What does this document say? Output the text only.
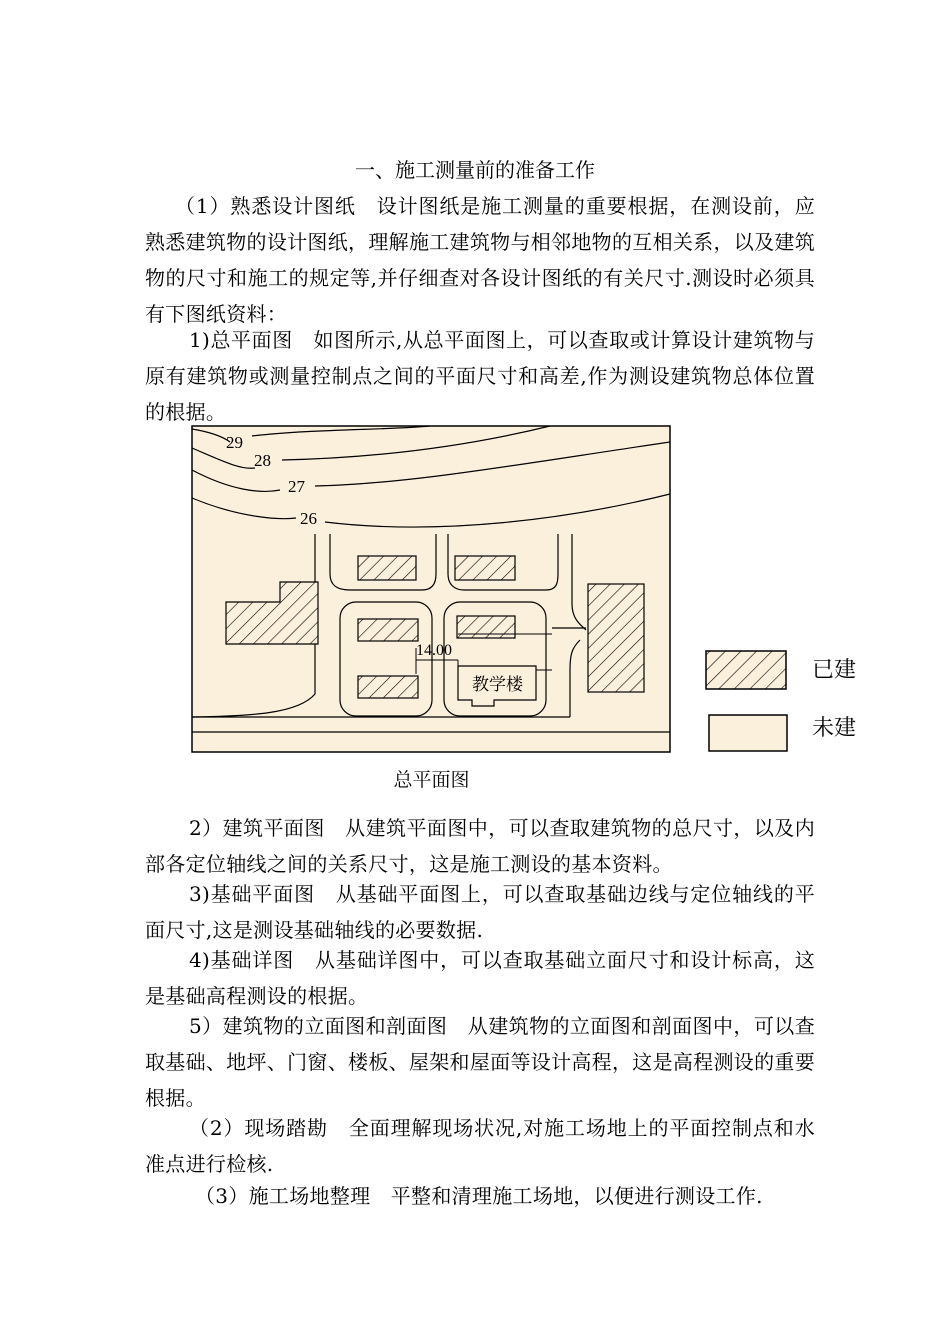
一、施工测量前的准备工作
（1）熟悉设计图纸　设计图纸是施工测量的重要根据，在测设前，应熟悉建筑物的设计图纸，理解施工建筑物与相邻地物的互相关系，以及建筑物的尺寸和施工的规定等,并仔细查对各设计图纸的有关尺寸.测设时必须具有下图纸资料：
1)总平面图　如图所示,从总平面图上，可以查取或计算设计建筑物与原有建筑物或测量控制点之间的平面尺寸和高差,作为测设建筑物总体位置的根据。
29
28
27
26
教学楼
14.00
已建
未建
总平面图
2）建筑平面图　从建筑平面图中，可以查取建筑物的总尺寸，以及内部各定位轴线之间的关系尺寸，这是施工测设的基本资料。
3)基础平面图　从基础平面图上，可以查取基础边线与定位轴线的平面尺寸,这是测设基础轴线的必要数据.
4)基础详图　从基础详图中，可以查取基础立面尺寸和设计标高，这是基础高程测设的根据。
5）建筑物的立面图和剖面图　从建筑物的立面图和剖面图中，可以查取基础、地坪、门窗、楼板、屋架和屋面等设计高程，这是高程测设的重要根据。
（2）现场踏勘　全面理解现场状况,对施工场地上的平面控制点和水准点进行检核.
（3）施工场地整理　平整和清理施工场地，以便进行测设工作.
